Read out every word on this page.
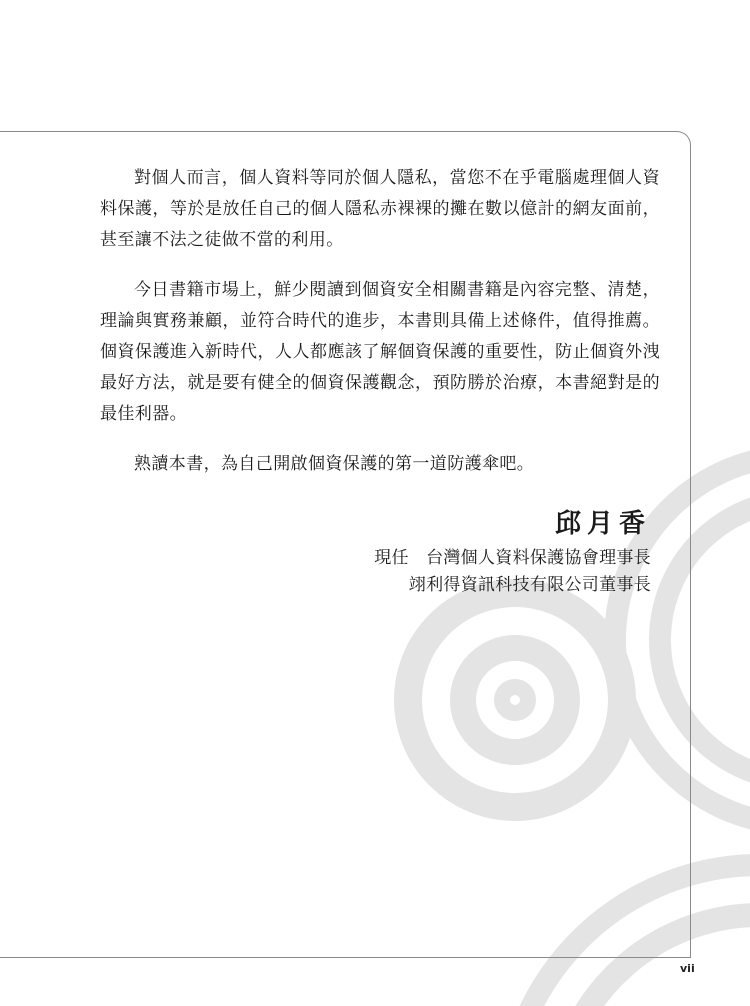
對個人而言，個人資料等同於個人隱私，當您不在乎電腦處理個人資料保護，等於是放任自己的個人隱私赤裸裸的攤在數以億計的網友面前，甚至讓不法之徒做不當的利用。

今日書籍市場上，鮮少閱讀到個資安全相關書籍是內容完整、清楚，理論與實務兼顧，並符合時代的進步，本書則具備上述條件，值得推薦。個資保護進入新時代，人人都應該了解個資保護的重要性，防止個資外洩最好方法，就是要有健全的個資保護觀念，預防勝於治療，本書絕對是的最佳利器。

熟讀本書，為自己開啟個資保護的第一道防護傘吧。

邱月香
現任　台灣個人資料保護協會理事長
翊利得資訊科技有限公司董事長
vii
